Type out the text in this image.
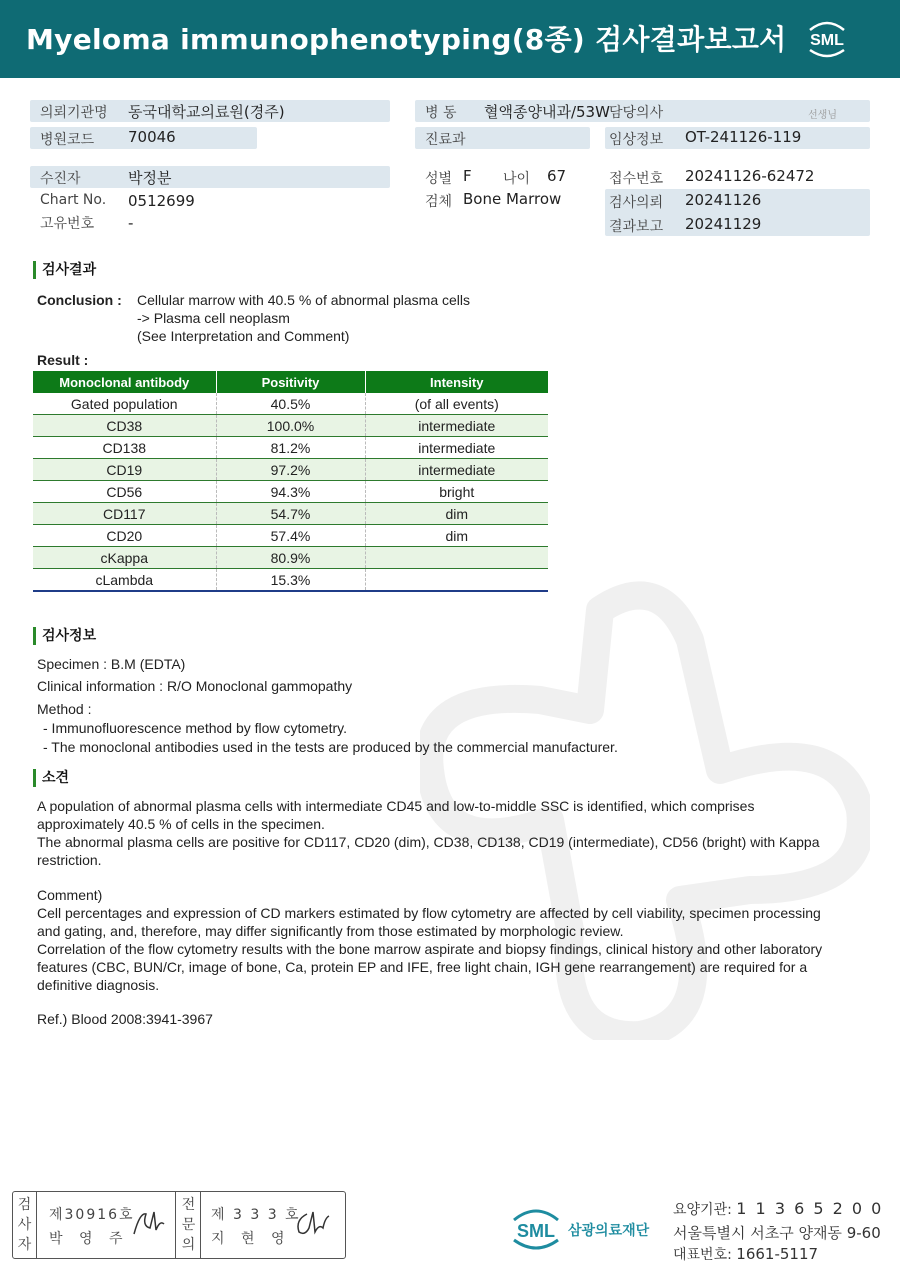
Myeloma immunophenotyping(8종) 검사결과보고서 SML
의뢰기관명 동국대학교의료원(경주)	병 동 혈액종양내과/53W 담당의사	선생님
병원코드 70046	진료과	임상정보 OT-241126-119
수진자	박정분	성별 F 나이 67	접수번호 20241126-62472
Chart No. 0512699	검체 Bone Marrow	검사의뢰 20241126
고유번호 -	결과보고 20241129
검사결과
Conclusion : Cellular marrow with 40.5 % of abnormal plasma cells
-> Plasma cell neoplasm
(See Interpretation and Comment)
Result :
Monoclonal antibody	Positivity	Intensity
Gated population	40.5%	(of all events)
CD38	100.0%	intermediate
CD138	81.2%	intermediate
CD19	97.2%	intermediate
CD56	94.3%	bright
CD117	54.7%	dim
CD20	57.4%	dim
cKappa	80.9%	
cLambda	15.3%	
검사정보
Specimen : B.M (EDTA)
Clinical information : R/O Monoclonal gammopathy
Method :
- Immunofluorescence method by flow cytometry.
- The monoclonal antibodies used in the tests are produced by the commercial manufacturer.
소견
A population of abnormal plasma cells with intermediate CD45 and low-to-middle SSC is identified, which comprises approximately 40.5 % of cells in the specimen.
The abnormal plasma cells are positive for CD117, CD20 (dim), CD38, CD138, CD19 (intermediate), CD56 (bright) with Kappa restriction.
Comment)
Cell percentages and expression of CD markers estimated by flow cytometry are affected by cell viability, specimen processing and gating, and, therefore, may differ significantly from those estimated by morphologic review.
Correlation of the flow cytometry results with the bone marrow aspirate and biopsy findings, clinical history and other laboratory features (CBC, BUN/Cr, image of bone, Ca, protein EP and IFE, free light chain, IGH gene rearrangement) are required for a definitive diagnosis.
Ref.) Blood 2008:3941-3967
검사자
제30916호
박 영 주
전문의
제 3 3 3 호
지 현 영	SML 삼광의료재단
요양기관: 1 1 3 6 5 2 0 0
서울특별시 서초구 양재동 9-60
대표번호: 1661-5117
